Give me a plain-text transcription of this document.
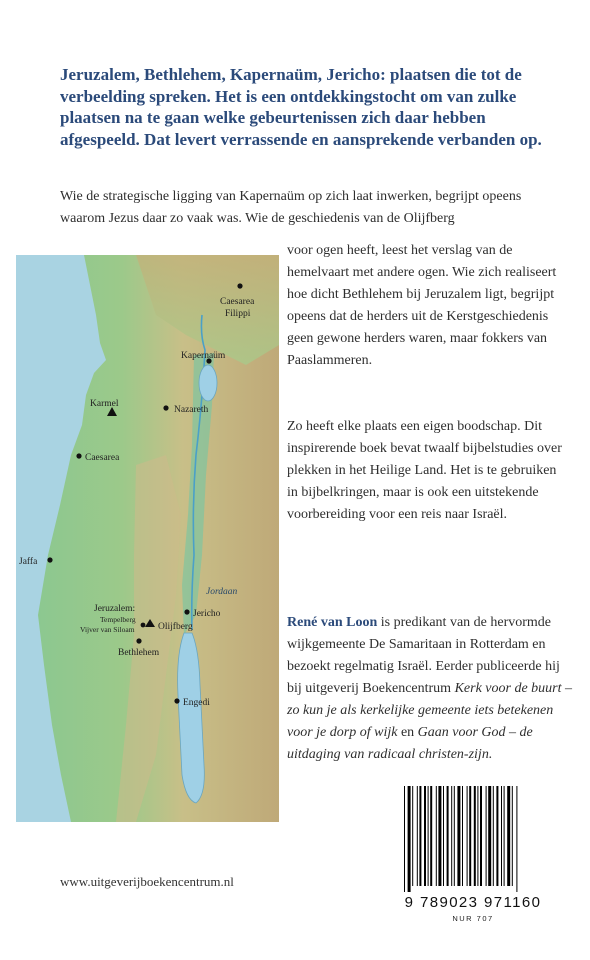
Jeruzalem, Bethlehem, Kapernaüm, Jericho: plaatsen die tot de verbeelding spreken. Het is een ontdekkingstocht om van zulke plaatsen na te gaan welke gebeurtenissen zich daar hebben afgespeeld. Dat levert verrassende en aansprekende verbanden op.

Wie de strategische ligging van Kapernaüm op zich laat inwerken, begrijpt opeens waarom Jezus daar zo vaak was. Wie de geschiedenis van de Olijfberg

voor ogen heeft, leest het verslag van de hemelvaart met andere ogen. Wie zich realiseert hoe dicht Bethlehem bij Jeruzalem ligt, begrijpt opeens dat de herders uit de Kerstgeschiedenis geen gewone herders waren, maar fokkers van Paaslammeren.

Zo heeft elke plaats een eigen boodschap. Dit inspirerende boek bevat twaalf bijbelstudies over plekken in het Heilige Land. Het is te gebruiken in bijbelkringen, maar is ook een uitstekende voorbereiding voor een reis naar Israël.

René van Loon is predikant van de hervormde wijkgemeente De Samaritaan in Rotterdam en bezoekt regelmatig Israël. Eerder publiceerde hij bij uitgeverij Boekencentrum Kerk voor de buurt – zo kun je als kerkelijke gemeente iets betekenen voor je dorp of wijk en Gaan voor God – de uitdaging van radicaal christen-zijn.

Caesarea
Filippi
Kapernaüm
Karmel
Nazareth
Caesarea
Jaffa
Jordaan
Jeruzalem:
Tempelberg
Vijver van Siloam Olijfberg
Jericho
Bethlehem
Engedi
www.uitgeverijboekencentrum.nl
9 789023 971160
NUR 707
